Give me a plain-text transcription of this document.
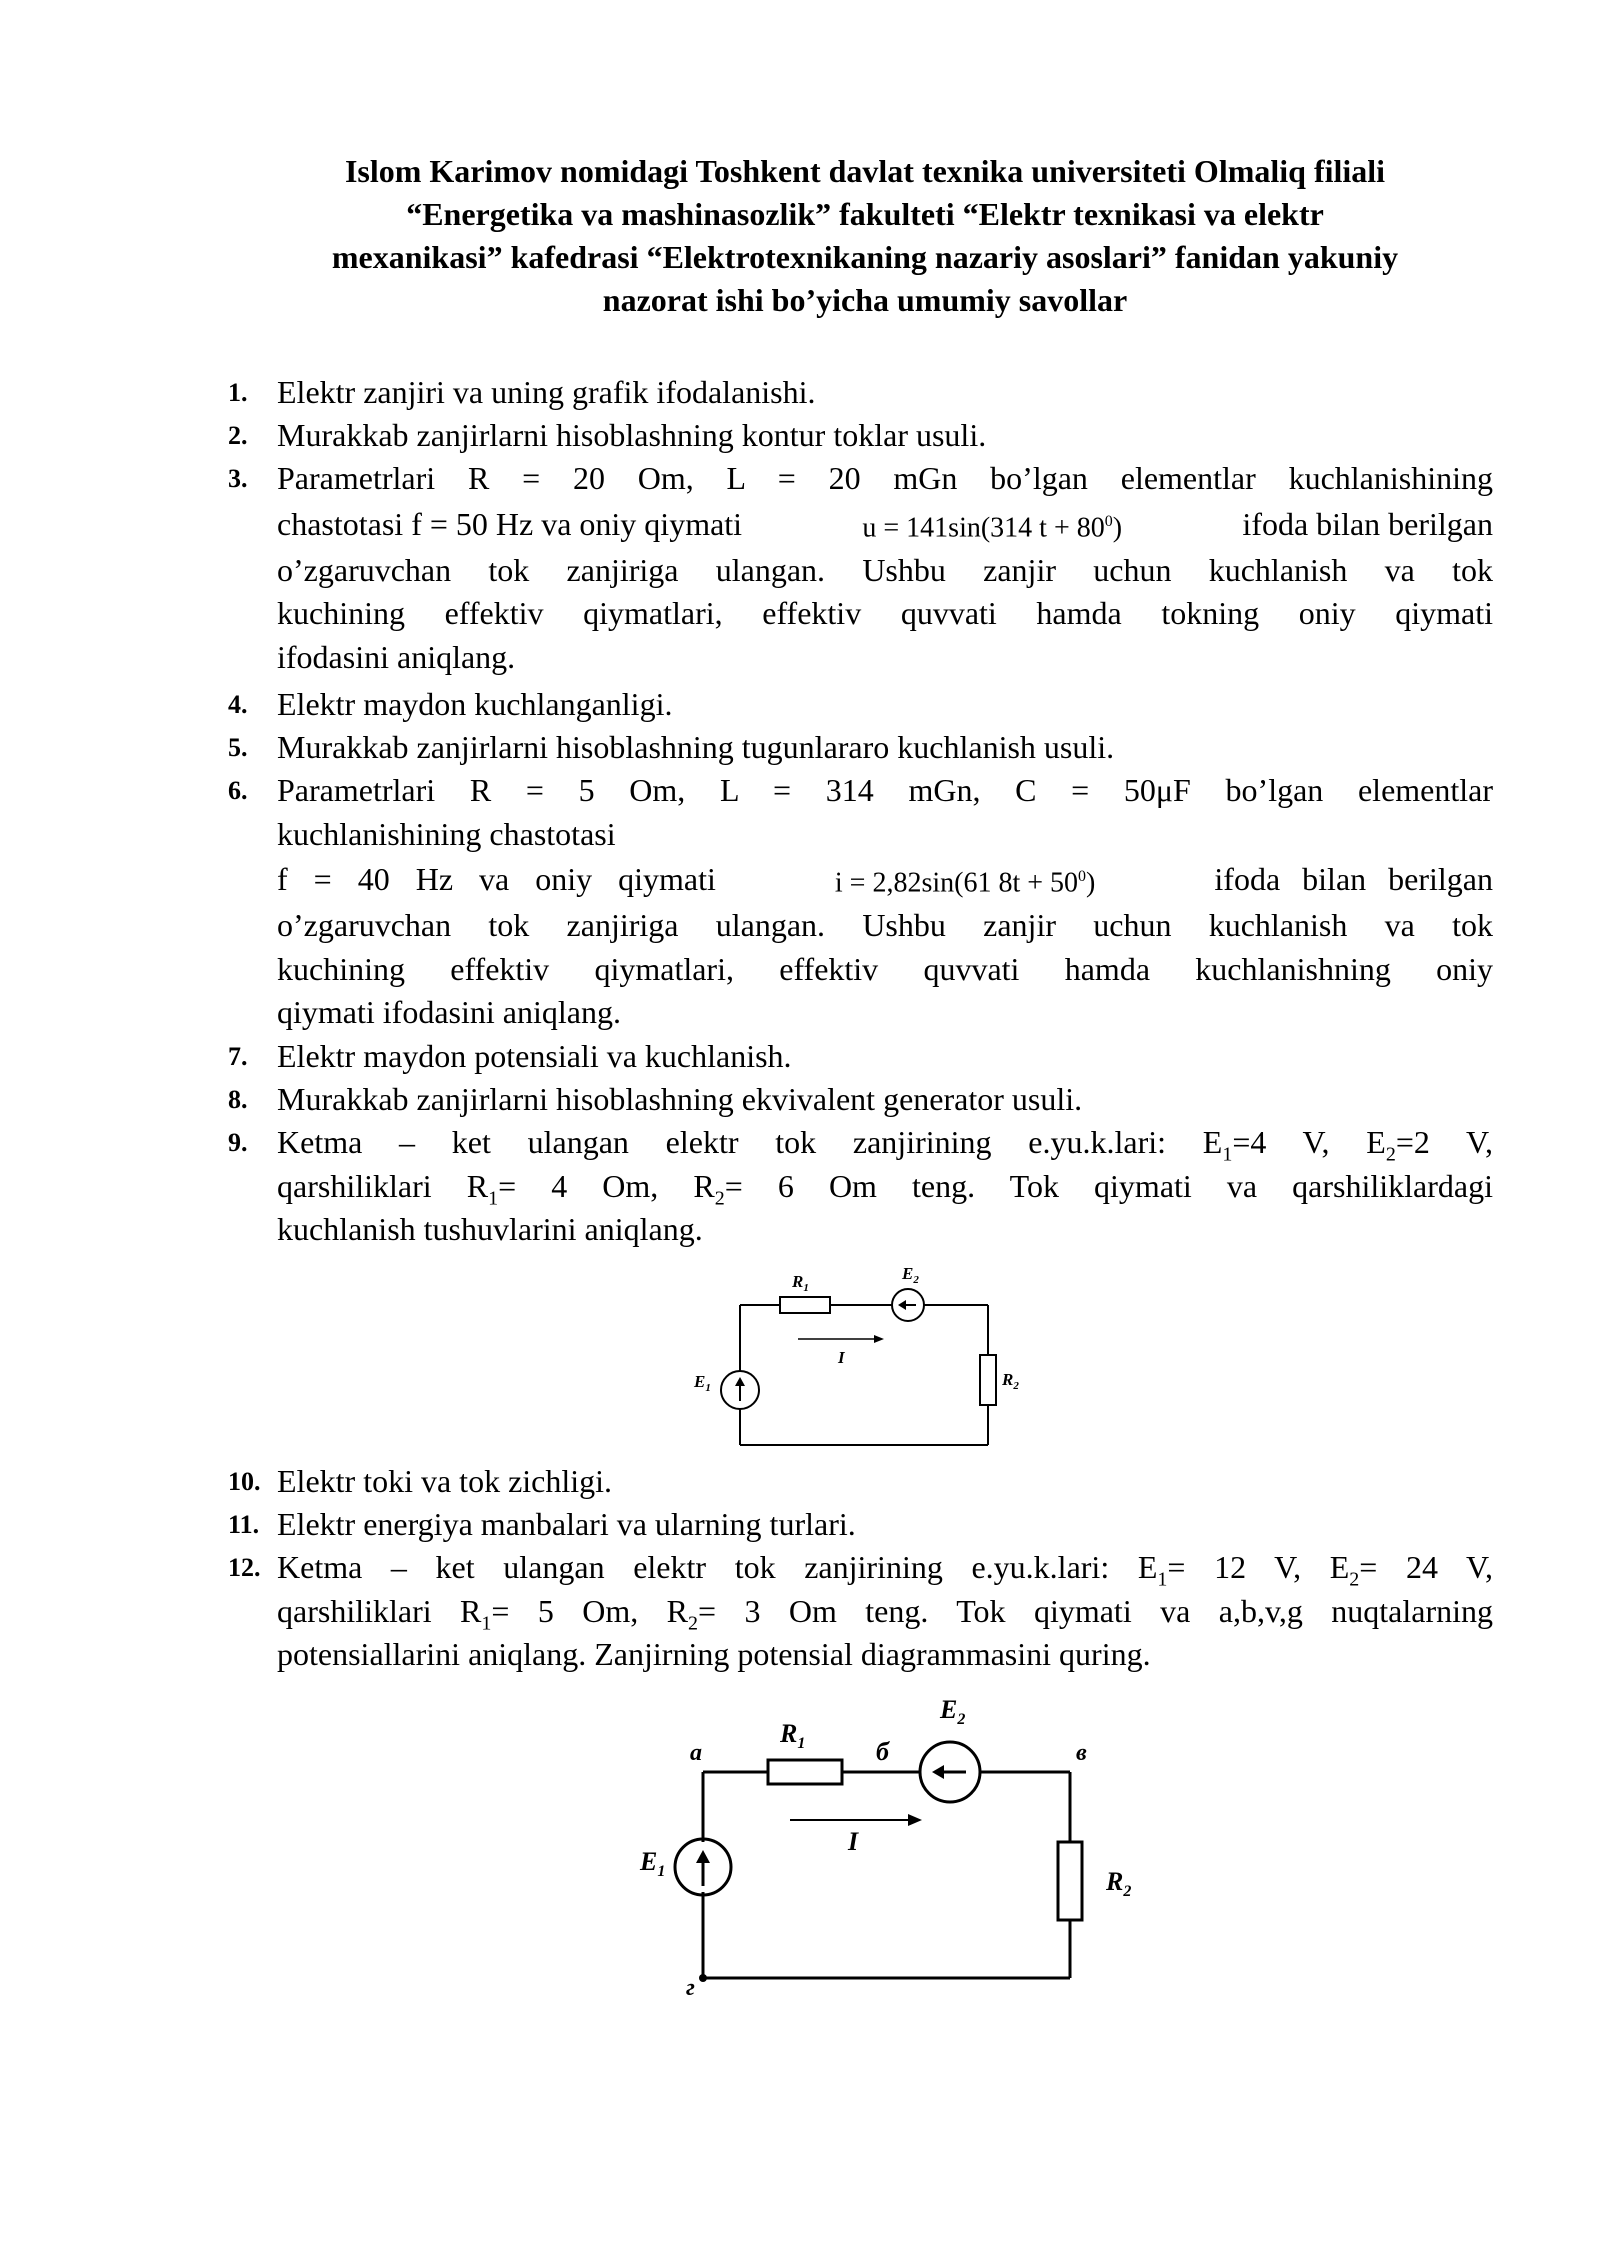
Islom Karimov nomidagi Toshkent davlat texnika universiteti Olmaliq filiali
“Energetika va mashinasozlik” fakulteti “Elektr texnikasi va elektr
mexanikasi” kafedrasi “Elektrotexnikaning nazariy asoslari” fanidan yakuniy
nazorat ishi bo’yicha umumiy savollar
1. Elektr zanjiri va uning grafik ifodalanishi.
2. Murakkab zanjirlarni hisoblashning kontur toklar usuli.
3. Parametrlari R = 20 Om, L = 20 mGn bo’lgan elementlar kuchlanishining
chastotasi f = 50 Hz va oniy qiymati	u = 141sin(314 $t + 80^0$)	ifoda bilan berilgan
o’zgaruvchan tok zanjiriga ulangan. Ushbu zanjir uchun kuchlanish va tok
kuchining effektiv qiymatlari, effektiv quvvati hamda tokning oniy qiymati
ifodasini aniqlang.
4. Elektr maydon kuchlanganligi.
5. Murakkab zanjirlarni hisoblashning tugunlararo kuchlanish usuli.
6. Parametrlari R = 5 Om, L = 314 mGn, C = 50μF bo’lgan elementlar
kuchlanishining chastotasi
f = 40 Hz va oniy qiymati	i = 2,82sin(61 $8t + 50^0$)	ifoda bilan berilgan
o’zgaruvchan tok zanjiriga ulangan. Ushbu zanjir uchun kuchlanish va tok
kuchining effektiv qiymatlari, effektiv quvvati hamda kuchlanishning oniy
qiymati ifodasini aniqlang.
7. Elektr maydon potensiali va kuchlanish.
8. Murakkab zanjirlarni hisoblashning ekvivalent generator usuli.
9. Ketma – ket ulangan elektr tok zanjirining e.yu.k.lari: $E_1=4$ V, $E_2=2$ V,
qarshiliklari $R_1= 4$ Om, $R_2= 6$ Om teng. Tok qiymati va qarshiliklardagi
kuchlanish tushuvlarini aniqlang.
$R_1$
$E_2$
$R_2$
$E_1$
I
10. Elektr toki va tok zichligi.
11. Elektr energiya manbalari va ularning turlari.
12. Ketma – ket ulangan elektr tok zanjirining e.yu.k.lari: $E_1= 12$ V, $E_2= 24$ V,
qarshiliklari $R_1= 5$ Om, $R_2= 3$ Om teng. Tok qiymati va a,b,v,g nuqtalarning
potensiallarini aniqlang. Zanjirning potensial diagrammasini quring.
$R_1$
$E_2$
$R_2$
$E_1$
I
a	б	в
г
